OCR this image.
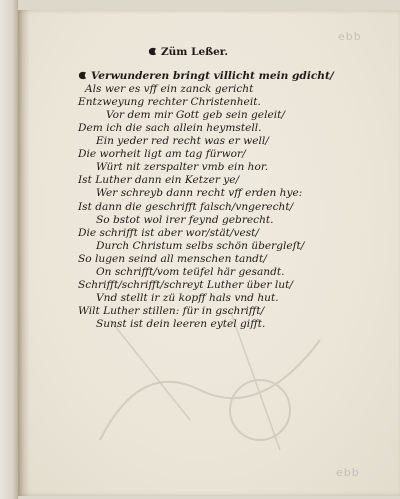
ebb
ebb
Züm Leßer.
Verwunderen bringt villicht mein gdicht/
Als wer es vff ein zanck gericht
Entzweyung rechter Christenheit.
Vor dem mir Gott geb sein geleit/
Dem ich die sach allein heymstell.
Ein yeder red recht was er well/
Die worheit ligt am tag fürwor/
Würt nit zerspalter vmb ein hor.
Ist Luther dann ein Ketzer ye/
Wer schreyb dann recht vff erden hye:
Ist dann die geschrifft falsch/vngerecht/
So bstot wol irer feynd gebrecht.
Die schrifft ist aber wor/stät/vest/
Durch Christum selbs schön übergleſt/
So lugen seind all menschen tandt/
On schrifft/vom teüfel här gesandt.
Schrifft/schrifft/schreyt Luther über lut/
Vnd stellt ir zü kopff hals vnd hut.
Wilt Luther stillen: für in gschrifft/
Sunst ist dein leeren eytel gifft.
